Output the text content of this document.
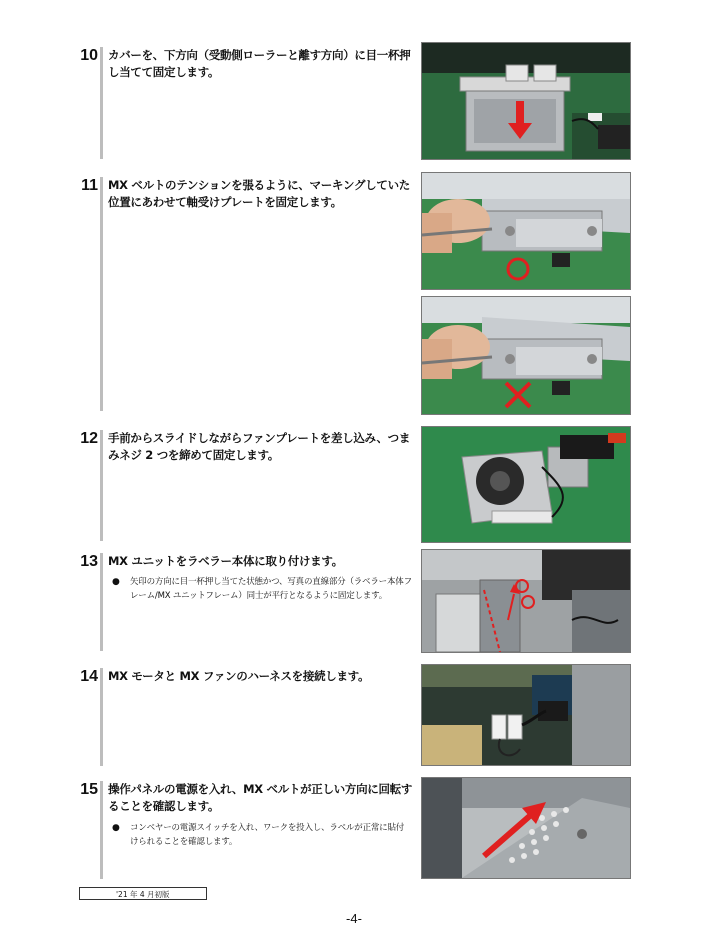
10 カバーを、下方向（受動側ローラーと離す方向）に目一杯押し当てて固定します。
11 MX ベルトのテンションを張るように、マーキングしていた位置にあわせて軸受けプレートを固定します。
12 手前からスライドしながらファンプレートを差し込み、つまみネジ 2 つを締めて固定します。
13 MX ユニットをラベラー本体に取り付けます。
● 矢印の方向に目一杯押し当てた状態かつ、写真の直線部分（ラベラー本体フレーム/MX ユニットフレーム）同士が平行となるように固定します。
14 MX モータと MX ファンのハーネスを接続します。
15 操作パネルの電源を入れ、MX ベルトが正しい方向に回転することを確認します。
● コンベヤーの電源スイッチを入れ、ワークを投入し、ラベルが正常に貼付けられることを確認します。
'21 年 4 月初版
-4-
